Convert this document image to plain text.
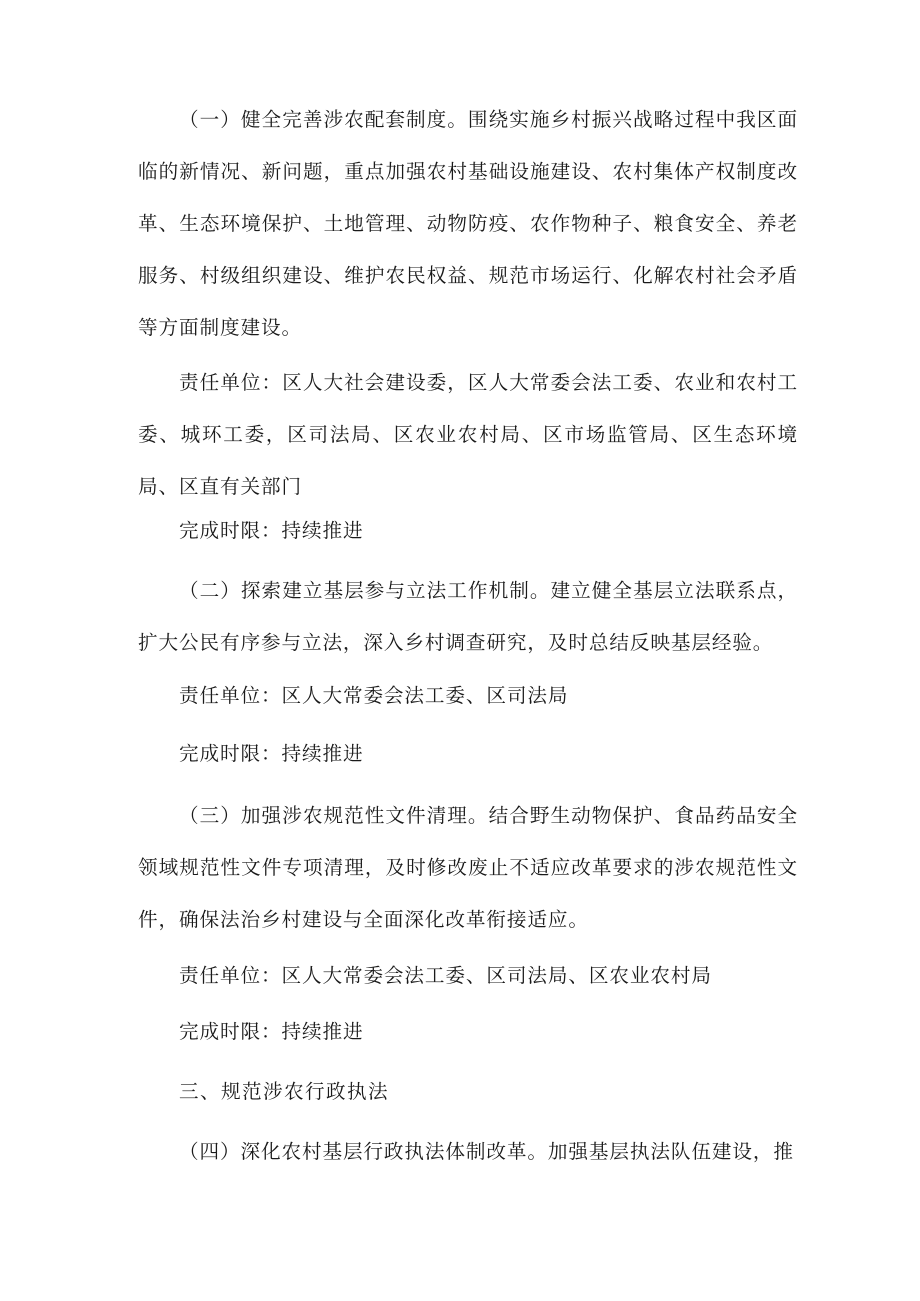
（一）健全完善涉农配套制度。围绕实施乡村振兴战略过程中我区面临的新情况、新问题，重点加强农村基础设施建设、农村集体产权制度改革、生态环境保护、土地管理、动物防疫、农作物种子、粮食安全、养老服务、村级组织建设、维护农民权益、规范市场运行、化解农村社会矛盾等方面制度建设。

责任单位：区人大社会建设委，区人大常委会法工委、农业和农村工委、城环工委，区司法局、区农业农村局、区市场监管局、区生态环境局、区直有关部门

完成时限：持续推进

（二）探索建立基层参与立法工作机制。建立健全基层立法联系点，扩大公民有序参与立法，深入乡村调查研究，及时总结反映基层经验。

责任单位：区人大常委会法工委、区司法局

完成时限：持续推进

（三）加强涉农规范性文件清理。结合野生动物保护、食品药品安全领域规范性文件专项清理，及时修改废止不适应改革要求的涉农规范性文件，确保法治乡村建设与全面深化改革衔接适应。

责任单位：区人大常委会法工委、区司法局、区农业农村局

完成时限：持续推进

三、规范涉农行政执法

（四）深化农村基层行政执法体制改革。加强基层执法队伍建设，推
